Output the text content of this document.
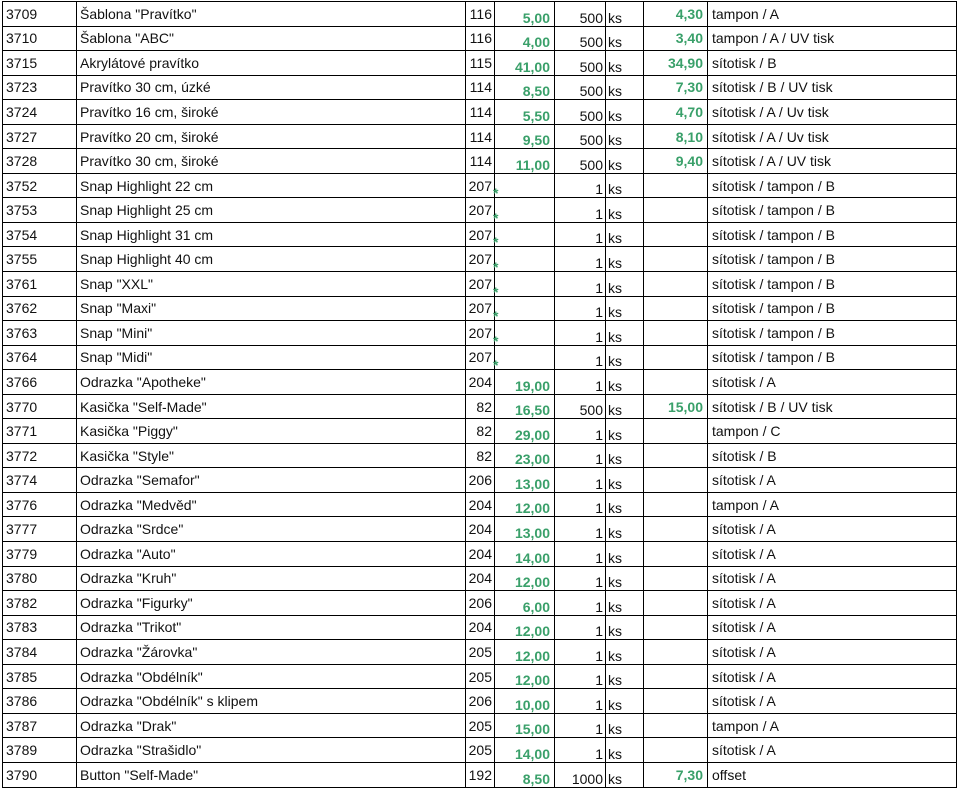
3709	Šablona "Pravítko"	116	5,00	500	ks	4,30	tampon / A
3710	Šablona "ABC"	116	4,00	500	ks	3,40	tampon / A / UV tisk
3715	Akrylátové pravítko	115	41,00	500	ks	34,90	sítotisk / B
3723	Pravítko 30 cm, úzké	114	8,50	500	ks	7,30	sítotisk / B / UV tisk
3724	Pravítko 16 cm, široké	114	5,50	500	ks	4,70	sítotisk / A / Uv tisk
3727	Pravítko 20 cm, široké	114	9,50	500	ks	8,10	sítotisk / A / Uv tisk
3728	Pravítko 30 cm, široké	114	11,00	500	ks	9,40	sítotisk / A / UV tisk
3752	Snap Highlight 22 cm	207	*	1	ks		sítotisk / tampon / B
3753	Snap Highlight 25 cm	207	*	1	ks		sítotisk / tampon / B
3754	Snap Highlight 31 cm	207	*	1	ks		sítotisk / tampon / B
3755	Snap Highlight 40 cm	207	*	1	ks		sítotisk / tampon / B
3761	Snap "XXL"	207	*	1	ks		sítotisk / tampon / B
3762	Snap "Maxi"	207	*	1	ks		sítotisk / tampon / B
3763	Snap "Mini"	207	*	1	ks		sítotisk / tampon / B
3764	Snap "Midi"	207	*	1	ks		sítotisk / tampon / B
3766	Odrazka "Apotheke"	204	19,00	1	ks		sítotisk / A
3770	Kasička "Self-Made"	82	16,50	500	ks	15,00	sítotisk / B / UV tisk
3771	Kasička "Piggy"	82	29,00	1	ks		tampon / C
3772	Kasička "Style"	82	23,00	1	ks		sítotisk / B
3774	Odrazka "Semafor"	206	13,00	1	ks		sítotisk / A
3776	Odrazka "Medvěd"	204	12,00	1	ks		tampon / A
3777	Odrazka "Srdce"	204	13,00	1	ks		sítotisk / A
3779	Odrazka "Auto"	204	14,00	1	ks		sítotisk / A
3780	Odrazka "Kruh"	204	12,00	1	ks		sítotisk / A
3782	Odrazka "Figurky"	206	6,00	1	ks		sítotisk / A
3783	Odrazka "Trikot"	204	12,00	1	ks		sítotisk / A
3784	Odrazka "Žárovka"	205	12,00	1	ks		sítotisk / A
3785	Odrazka "Obdélník"	205	12,00	1	ks		sítotisk / A
3786	Odrazka "Obdélník" s klipem	206	10,00	1	ks		sítotisk / A
3787	Odrazka "Drak"	205	15,00	1	ks		tampon / A
3789	Odrazka "Strašidlo"	205	14,00	1	ks		sítotisk / A
3790	Button "Self-Made"	192	8,50	1000	ks	7,30	offset
